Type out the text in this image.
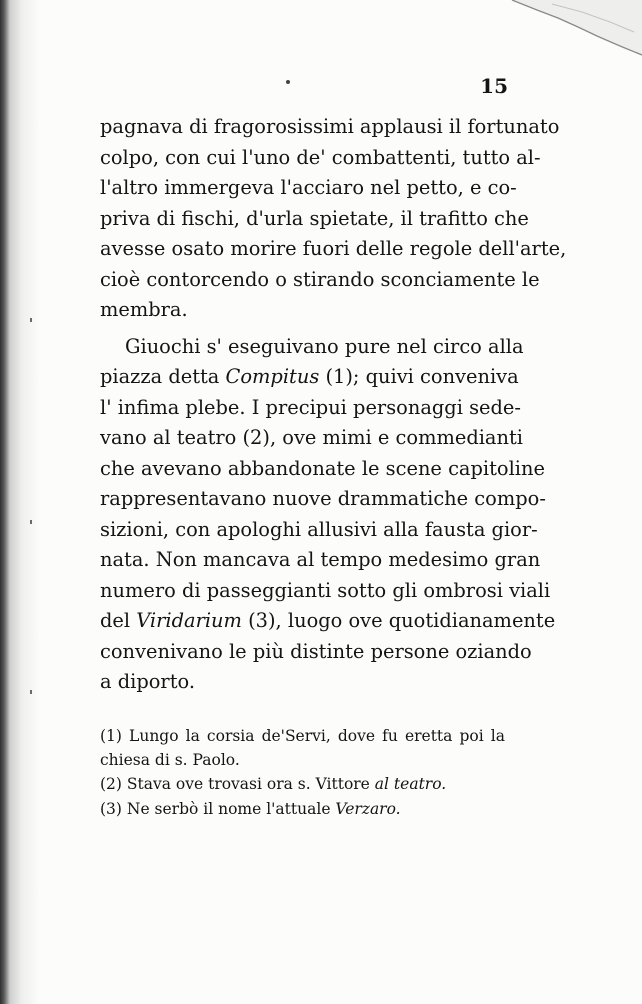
15
pagnava di fragorosissimi applausi il fortunato
colpo, con cui l'uno de' combattenti, tutto al-
l'altro immergeva l'acciaro nel petto, e co-
priva di fischi, d'urla spietate, il trafitto che
avesse osato morire fuori delle regole dell'arte,
cioè contorcendo o stirando sconciamente le
membra.
Giuochi s' eseguivano pure nel circo alla
piazza detta Compitus (1); quivi conveniva
l' infima plebe. I precipui personaggi sede-
vano al teatro (2), ove mimi e commedianti
che avevano abbandonate le scene capitoline
rappresentavano nuove drammatiche compo-
sizioni, con apologhi allusivi alla fausta gior-
nata. Non mancava al tempo medesimo gran
numero di passeggianti sotto gli ombrosi viali
del Viridarium (3), luogo ove quotidianamente
convenivano le più distinte persone oziando
a diporto.
(1) Lungo la corsia de'Servi, dove fu eretta poi la
chiesa di s. Paolo.
(2) Stava ove trovasi ora s. Vittore al teatro.
(3) Ne serbò il nome l'attuale Verzaro.
